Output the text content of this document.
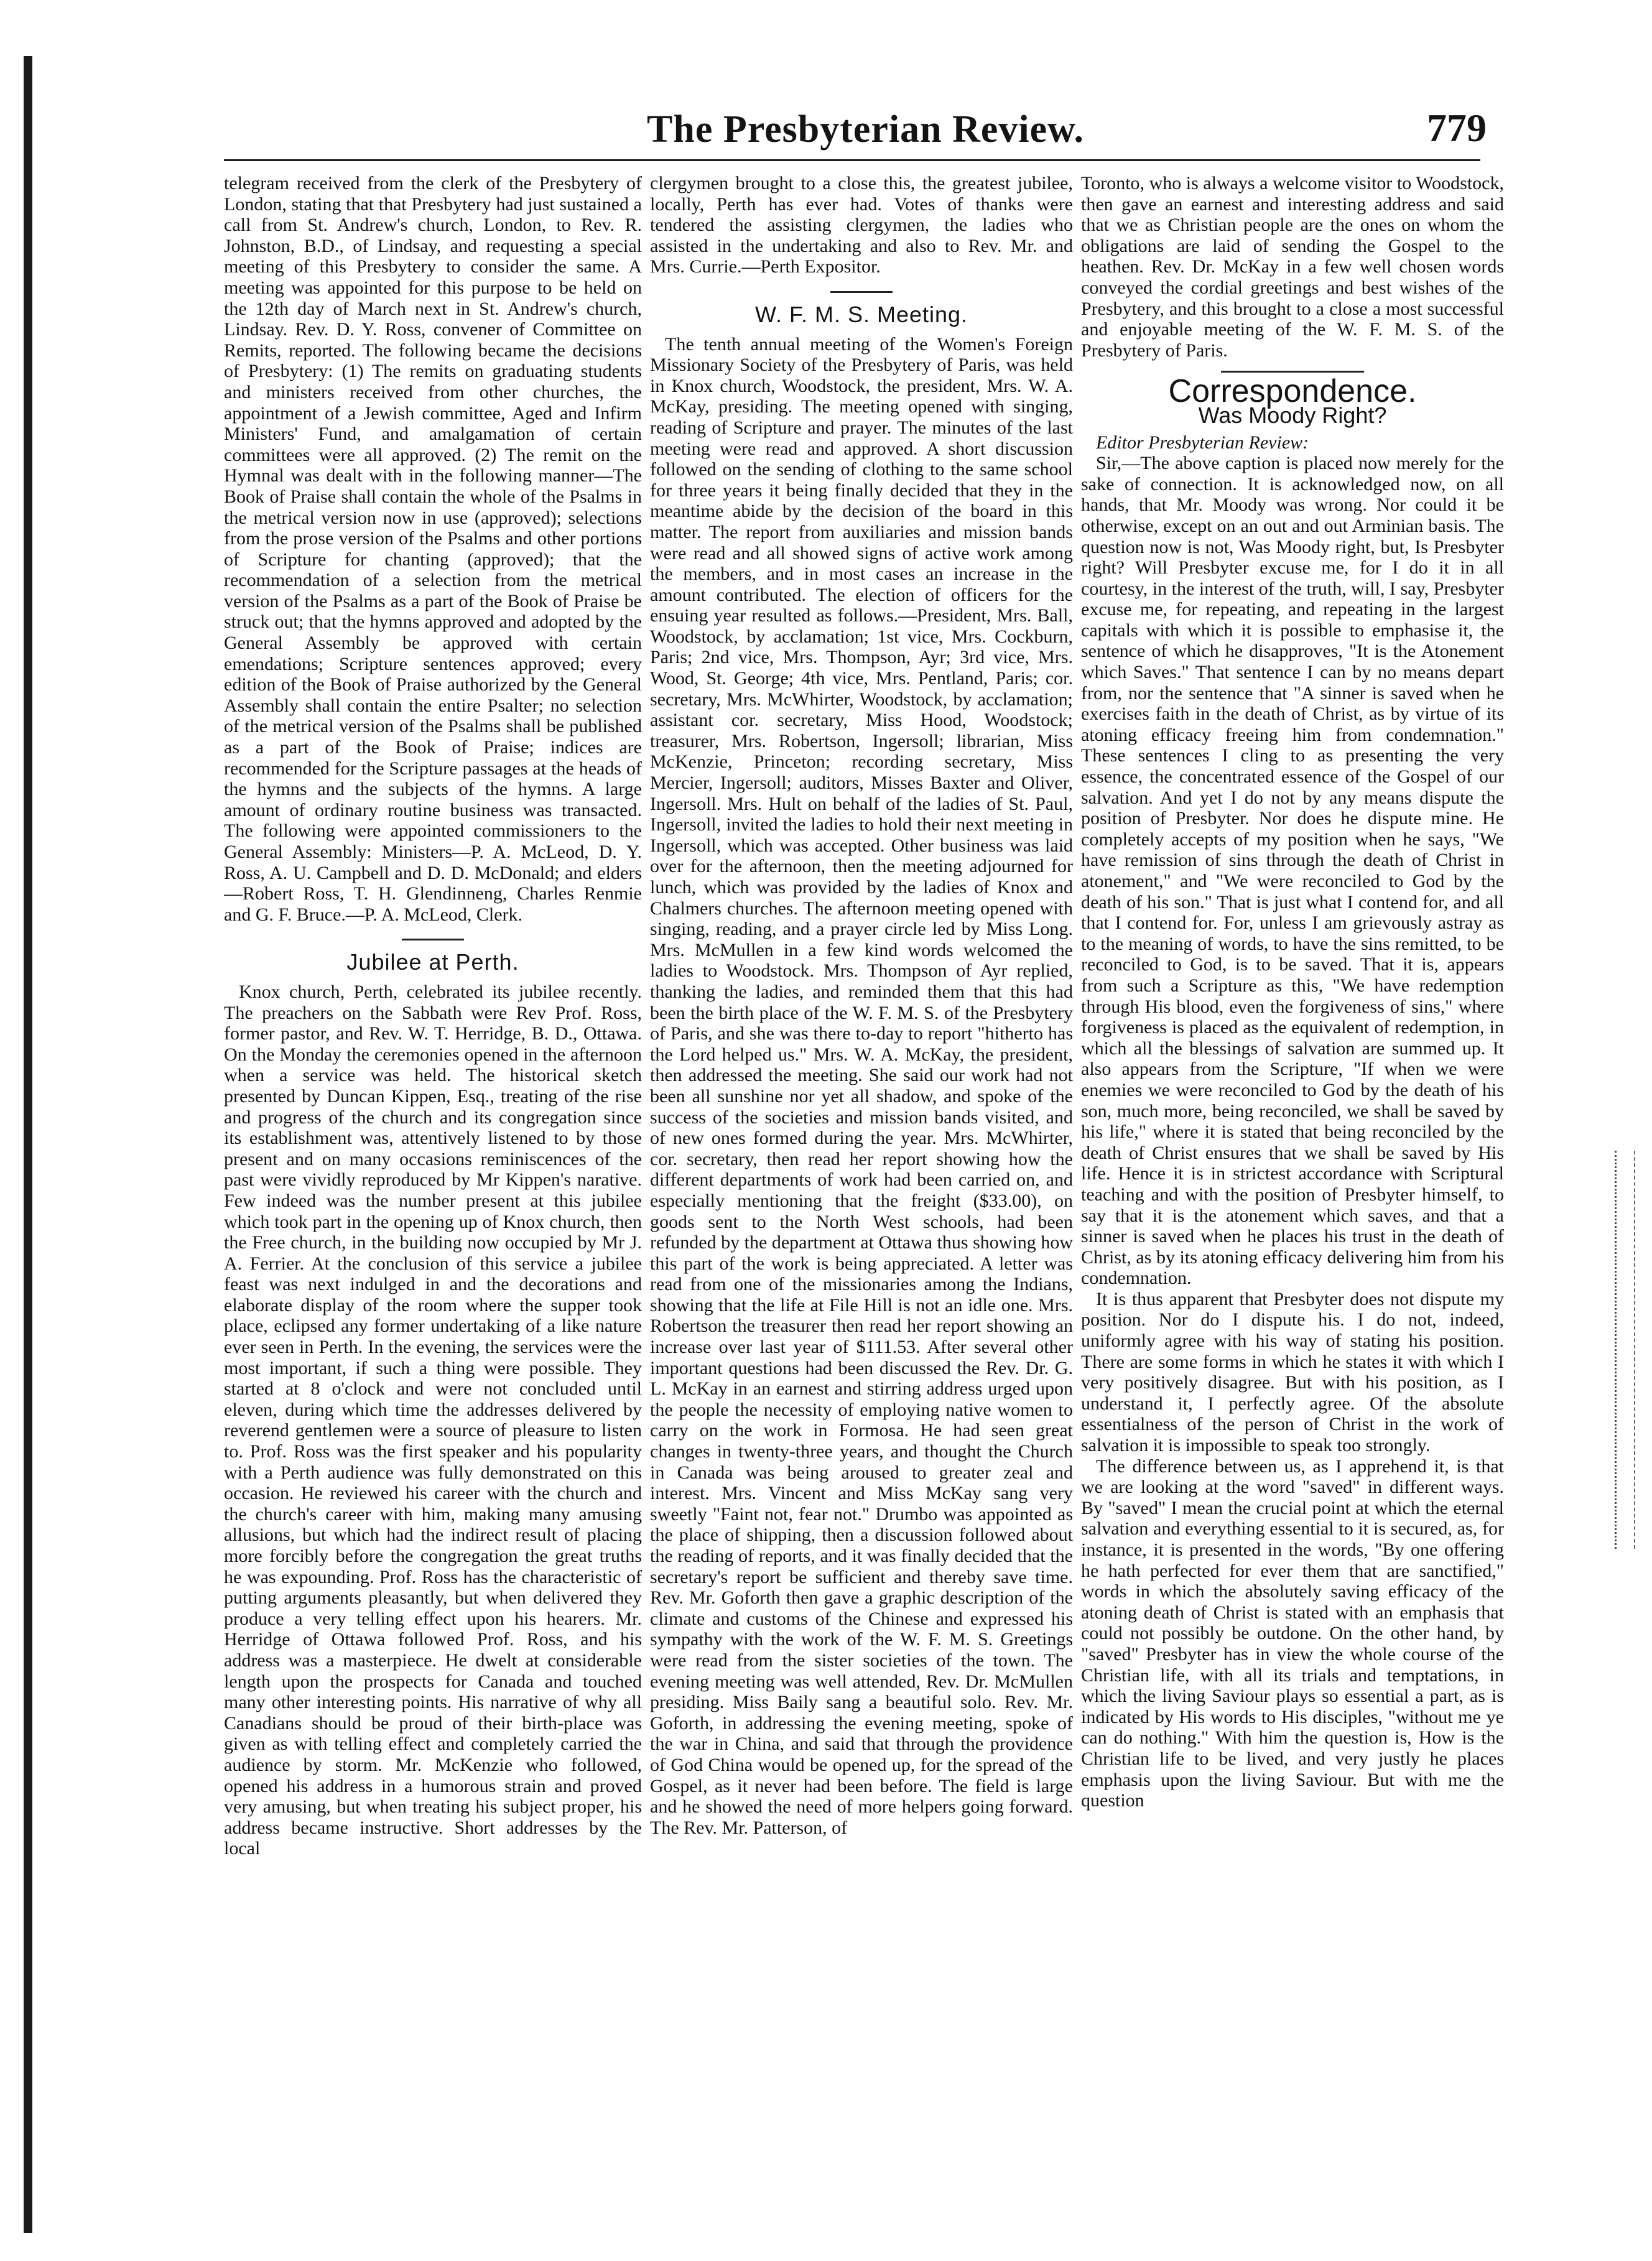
The Presbyterian Review.	779

telegram received from the clerk of the Presbytery of London, stating that that Presbytery had just sustained a call from St. Andrew's church, London, to Rev. R. Johnston, B.D., of Lindsay, and requesting a special meeting of this Presbytery to consider the same. A meeting was appointed for this purpose to be held on the 12th day of March next in St. Andrew's church, Lindsay. Rev. D. Y. Ross, convener of Committee on Remits, reported. The following became the decisions of Presbytery: (1) The remits on graduating students and ministers received from other churches, the appointment of a Jewish committee, Aged and Infirm Ministers' Fund, and amalgamation of certain committees were all approved. (2) The remit on the Hymnal was dealt with in the following manner—The Book of Praise shall contain the whole of the Psalms in the metrical version now in use (approved); selections from the prose version of the Psalms and other portions of Scripture for chanting (approved); that the recommendation of a selection from the metrical version of the Psalms as a part of the Book of Praise be struck out; that the hymns approved and adopted by the General Assembly be approved with certain emendations; Scripture sentences approved; every edition of the Book of Praise authorized by the General Assembly shall contain the entire Psalter; no selection of the metrical version of the Psalms shall be published as a part of the Book of Praise; indices are recommended for the Scripture passages at the heads of the hymns and the subjects of the hymns. A large amount of ordinary routine business was transacted. The following were appointed commissioners to the General Assembly: Ministers—P. A. McLeod, D. Y. Ross, A. U. Campbell and D. D. McDonald; and elders—Robert Ross, T. H. Glendinneng, Charles Renmie and G. F. Bruce.—P. A. McLeod, Clerk.

Jubilee at Perth.

Knox church, Perth, celebrated its jubilee recently. The preachers on the Sabbath were Rev Prof. Ross, former pastor, and Rev. W. T. Herridge, B. D., Ottawa. On the Monday the ceremonies opened in the afternoon when a service was held. The historical sketch presented by Duncan Kippen, Esq., treating of the rise and progress of the church and its congregation since its establishment was, attentively listened to by those present and on many occasions reminiscences of the past were vividly reproduced by Mr Kippen's narative. Few indeed was the number present at this jubilee which took part in the opening up of Knox church, then the Free church, in the building now occupied by Mr J. A. Ferrier. At the conclusion of this service a jubilee feast was next indulged in and the decorations and elaborate display of the room where the supper took place, eclipsed any former undertaking of a like nature ever seen in Perth. In the evening, the services were the most important, if such a thing were possible. They started at 8 o'clock and were not concluded until eleven, during which time the addresses delivered by reverend gentlemen were a source of pleasure to listen to. Prof. Ross was the first speaker and his popularity with a Perth audience was fully demonstrated on this occasion. He reviewed his career with the church and the church's career with him, making many amusing allusions, but which had the indirect result of placing more forcibly before the congregation the great truths he was expounding. Prof. Ross has the characteristic of putting arguments pleasantly, but when delivered they produce a very telling effect upon his hearers. Mr. Herridge of Ottawa followed Prof. Ross, and his address was a masterpiece. He dwelt at considerable length upon the prospects for Canada and touched many other interesting points. His narrative of why all Canadians should be proud of their birth-place was given as with telling effect and completely carried the audience by storm. Mr. McKenzie who followed, opened his address in a humorous strain and proved very amusing, but when treating his subject proper, his address became instructive. Short addresses by the local

clergymen brought to a close this, the greatest jubilee, locally, Perth has ever had. Votes of thanks were tendered the assisting clergymen, the ladies who assisted in the undertaking and also to Rev. Mr. and Mrs. Currie.—Perth Expositor.

W. F. M. S. Meeting.

The tenth annual meeting of the Women's Foreign Missionary Society of the Presbytery of Paris, was held in Knox church, Woodstock, the president, Mrs. W. A. McKay, presiding. The meeting opened with singing, reading of Scripture and prayer. The minutes of the last meeting were read and approved. A short discussion followed on the sending of clothing to the same school for three years it being finally decided that they in the meantime abide by the decision of the board in this matter. The report from auxiliaries and mission bands were read and all showed signs of active work among the members, and in most cases an increase in the amount contributed. The election of officers for the ensuing year resulted as follows.—President, Mrs. Ball, Woodstock, by acclamation; 1st vice, Mrs. Cockburn, Paris; 2nd vice, Mrs. Thompson, Ayr; 3rd vice, Mrs. Wood, St. George; 4th vice, Mrs. Pentland, Paris; cor. secretary, Mrs. McWhirter, Woodstock, by acclamation; assistant cor. secretary, Miss Hood, Woodstock; treasurer, Mrs. Robertson, Ingersoll; librarian, Miss McKenzie, Princeton; recording secretary, Miss Mercier, Ingersoll; auditors, Misses Baxter and Oliver, Ingersoll. Mrs. Hult on behalf of the ladies of St. Paul, Ingersoll, invited the ladies to hold their next meeting in Ingersoll, which was accepted. Other business was laid over for the afternoon, then the meeting adjourned for lunch, which was provided by the ladies of Knox and Chalmers churches. The afternoon meeting opened with singing, reading, and a prayer circle led by Miss Long. Mrs. McMullen in a few kind words welcomed the ladies to Woodstock. Mrs. Thompson of Ayr replied, thanking the ladies, and reminded them that this had been the birth place of the W. F. M. S. of the Presbytery of Paris, and she was there to-day to report "hitherto has the Lord helped us." Mrs. W. A. McKay, the president, then addressed the meeting. She said our work had not been all sunshine nor yet all shadow, and spoke of the success of the societies and mission bands visited, and of new ones formed during the year. Mrs. McWhirter, cor. secretary, then read her report showing how the different departments of work had been carried on, and especially mentioning that the freight ($33.00), on goods sent to the North West schools, had been refunded by the department at Ottawa thus showing how this part of the work is being appreciated. A letter was read from one of the missionaries among the Indians, showing that the life at File Hill is not an idle one. Mrs. Robertson the treasurer then read her report showing an increase over last year of $111.53. After several other important questions had been discussed the Rev. Dr. G. L. McKay in an earnest and stirring address urged upon the people the necessity of employing native women to carry on the work in Formosa. He had seen great changes in twenty-three years, and thought the Church in Canada was being aroused to greater zeal and interest. Mrs. Vincent and Miss McKay sang very sweetly "Faint not, fear not." Drumbo was appointed as the place of shipping, then a discussion followed about the reading of reports, and it was finally decided that the secretary's report be sufficient and thereby save time. Rev. Mr. Goforth then gave a graphic description of the climate and customs of the Chinese and expressed his sympathy with the work of the W. F. M. S. Greetings were read from the sister societies of the town. The evening meeting was well attended, Rev. Dr. McMullen presiding. Miss Baily sang a beautiful solo. Rev. Mr. Goforth, in addressing the evening meeting, spoke of the war in China, and said that through the providence of God China would be opened up, for the spread of the Gospel, as it never had been before. The field is large and he showed the need of more helpers going forward. The Rev. Mr. Patterson, of

Toronto, who is always a welcome visitor to Woodstock, then gave an earnest and interesting address and said that we as Christian people are the ones on whom the obligations are laid of sending the Gospel to the heathen. Rev. Dr. McKay in a few well chosen words conveyed the cordial greetings and best wishes of the Presbytery, and this brought to a close a most successful and enjoyable meeting of the W. F. M. S. of the Presbytery of Paris.

Correspondence.
Was Moody Right?

Editor Presbyterian Review:

Sir,—The above caption is placed now merely for the sake of connection. It is acknowledged now, on all hands, that Mr. Moody was wrong. Nor could it be otherwise, except on an out and out Arminian basis. The question now is not, Was Moody right, but, Is Presbyter right? Will Presbyter excuse me, for I do it in all courtesy, in the interest of the truth, will, I say, Presbyter excuse me, for repeating, and repeating in the largest capitals with which it is possible to emphasise it, the sentence of which he disapproves, "It is the Atonement which Saves." That sentence I can by no means depart from, nor the sentence that "A sinner is saved when he exercises faith in the death of Christ, as by virtue of its atoning efficacy freeing him from condemnation." These sentences I cling to as presenting the very essence, the concentrated essence of the Gospel of our salvation. And yet I do not by any means dispute the position of Presbyter. Nor does he dispute mine. He completely accepts of my position when he says, "We have remission of sins through the death of Christ in atonement," and "We were reconciled to God by the death of his son." That is just what I contend for, and all that I contend for. For, unless I am grievously astray as to the meaning of words, to have the sins remitted, to be reconciled to God, is to be saved. That it is, appears from such a Scripture as this, "We have redemption through His blood, even the forgiveness of sins," where forgiveness is placed as the equivalent of redemption, in which all the blessings of salvation are summed up. It also appears from the Scripture, "If when we were enemies we were reconciled to God by the death of his son, much more, being reconciled, we shall be saved by his life," where it is stated that being reconciled by the death of Christ ensures that we shall be saved by His life. Hence it is in strictest accordance with Scriptural teaching and with the position of Presbyter himself, to say that it is the atonement which saves, and that a sinner is saved when he places his trust in the death of Christ, as by its atoning efficacy delivering him from his condemnation.

It is thus apparent that Presbyter does not dispute my position. Nor do I dispute his. I do not, indeed, uniformly agree with his way of stating his position. There are some forms in which he states it with which I very positively disagree. But with his position, as I understand it, I perfectly agree. Of the absolute essentialness of the person of Christ in the work of salvation it is impossible to speak too strongly.

The difference between us, as I apprehend it, is that we are looking at the word "saved" in different ways. By "saved" I mean the crucial point at which the eternal salvation and everything essential to it is secured, as, for instance, it is presented in the words, "By one offering he hath perfected for ever them that are sanctified," words in which the absolutely saving efficacy of the atoning death of Christ is stated with an emphasis that could not possibly be outdone. On the other hand, by "saved" Presbyter has in view the whole course of the Christian life, with all its trials and temptations, in which the living Saviour plays so essential a part, as is indicated by His words to His disciples, "without me ye can do nothing." With him the question is, How is the Christian life to be lived, and very justly he places emphasis upon the living Saviour. But with me the question
